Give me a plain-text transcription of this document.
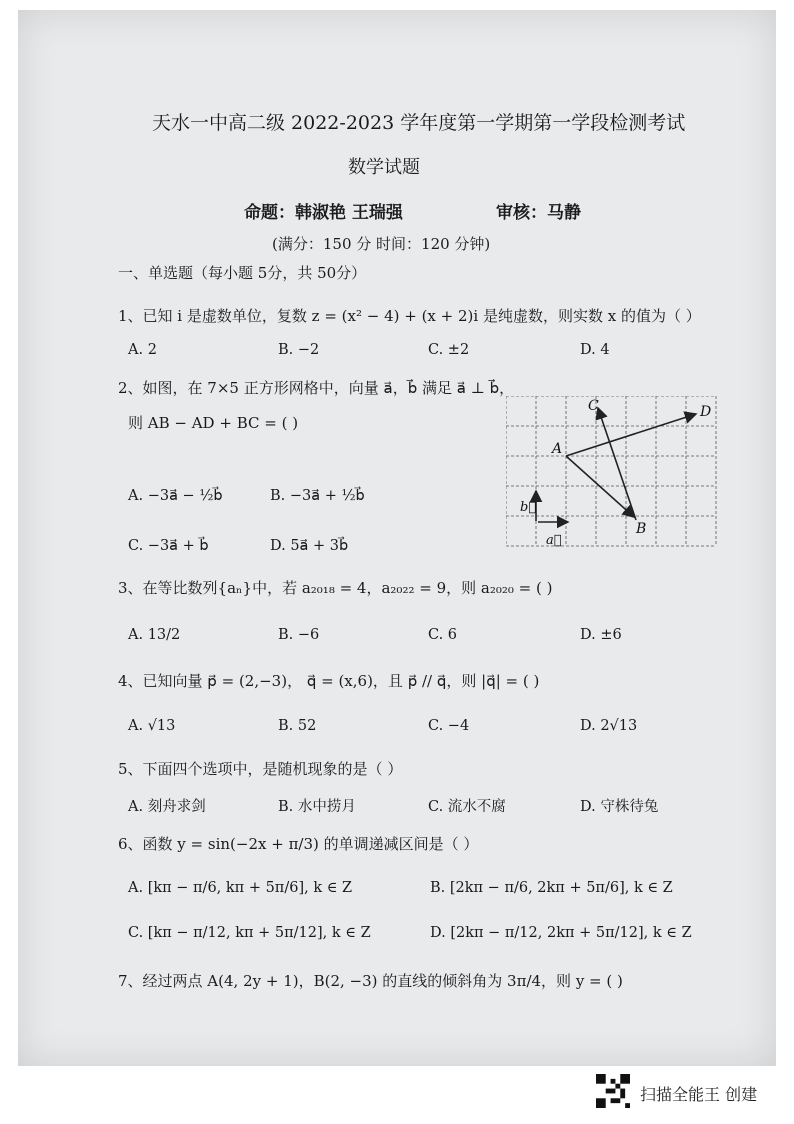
天水一中高二级 2022-2023 学年度第一学期第一学段检测考试
数学试题
命题：韩淑艳 王瑞强	审核：马静
(满分：150 分 时间：120 分钟)
一、单选题（每小题 5分，共 50分）
1、已知 i 是虚数单位，复数 z = (x² − 4) + (x + 2)i 是纯虚数，则实数 x 的值为（ ）
A. 2	B. −2	C. ±2	D. 4
2、如图，在 7×5 正方形网格中，向量 a⃗，b⃗ 满足 a⃗ ⊥ b⃗，
则 AB − AD + BC = ( )
A. −3a⃗ − ½b⃗	B. −3a⃗ + ½b⃗
C. −3a⃗ + b⃗	D. 5a⃗ + 3b⃗
3、在等比数列{aₙ}中，若 a₂₀₁₈ = 4，a₂₀₂₂ = 9，则 a₂₀₂₀ = ( )
A. 13/2	B. −6	C. 6	D. ±6
4、已知向量 p⃗ = (2,−3)， q⃗ = (x,6)，且 p⃗ // q⃗，则 |q⃗| = ( )
A. √13	B. 52	C. −4	D. 2√13
5、下面四个选项中，是随机现象的是（ ）
A. 刻舟求剑	B. 水中捞月	C. 流水不腐	D. 守株待兔
6、函数 y = sin(−2x + π/3) 的单调递减区间是（ ）
A. [kπ − π/6, kπ + 5π/6], k ∈ Z	B. [2kπ − π/6, 2kπ + 5π/6], k ∈ Z
C. [kπ − π/12, kπ + 5π/12], k ∈ Z	D. [2kπ − π/12, 2kπ + 5π/12], k ∈ Z
7、经过两点 A(4, 2y + 1)，B(2, −3) 的直线的倾斜角为 3π/4，则 y = ( )
A
B
C	D
b⃗
a⃗
扫描全能王 创建
